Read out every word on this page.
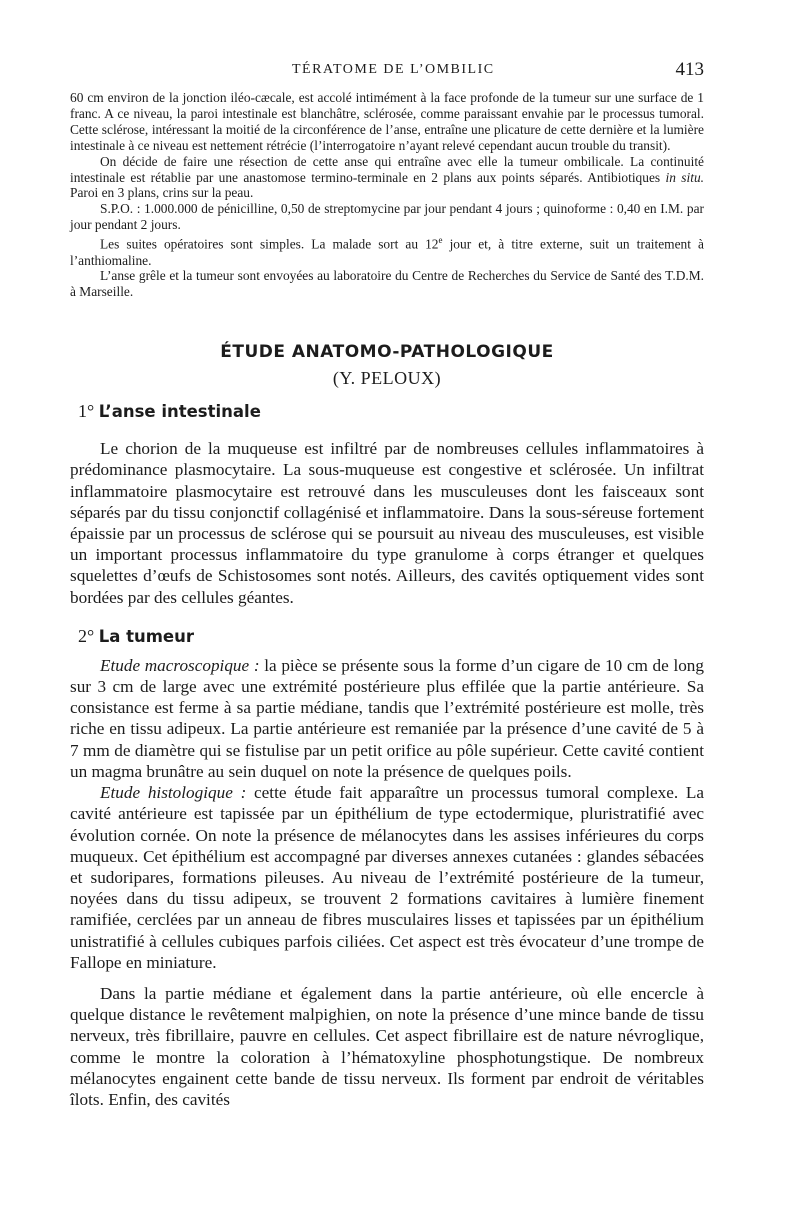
TÉRATOME DE L’OMBILIC	413

60 cm environ de la jonction iléo-cæcale, est accolé intimément à la face profonde de la tumeur sur une surface de 1 franc. A ce niveau, la paroi intestinale est blanchâtre, sclérosée, comme paraissant envahie par le processus tumoral. Cette sclérose, intéressant la moitié de la circonférence de l’anse, entraîne une plicature de cette dernière et la lumière intestinale à ce niveau est nettement rétrécie (l’interrogatoire n’ayant relevé cependant aucun trouble du transit).

On décide de faire une résection de cette anse qui entraîne avec elle la tumeur ombilicale. La continuité intestinale est rétablie par une anastomose termino-terminale en 2 plans aux points séparés. Antibiotiques in situ. Paroi en 3 plans, crins sur la peau.

S.P.O. : 1.000.000 de pénicilline, 0,50 de streptomycine par jour pendant 4 jours ; quinoforme : 0,40 en I.M. par jour pendant 2 jours.

Les suites opératoires sont simples. La malade sort au 12e jour et, à titre externe, suit un traitement à l’anthiomaline.

L’anse grêle et la tumeur sont envoyées au laboratoire du Centre de Recherches du Service de Santé des T.D.M. à Marseille.

ÉTUDE ANATOMO-PATHOLOGIQUE
(Y. PELOUX)
1° L’anse intestinale

Le chorion de la muqueuse est infiltré par de nombreuses cellules inflammatoires à prédominance plasmocytaire. La sous-muqueuse est congestive et sclérosée. Un infiltrat inflammatoire plasmocytaire est retrouvé dans les musculeuses dont les faisceaux sont séparés par du tissu conjonctif collagénisé et inflammatoire. Dans la sous-séreuse fortement épaissie par un processus de sclérose qui se poursuit au niveau des musculeuses, est visible un important processus inflammatoire du type granulome à corps étranger et quelques squelettes d’œufs de Schistosomes sont notés. Ailleurs, des cavités optiquement vides sont bordées par des cellules géantes.

2° La tumeur

Etude macroscopique : la pièce se présente sous la forme d’un cigare de 10 cm de long sur 3 cm de large avec une extrémité postérieure plus effilée que la partie antérieure. Sa consistance est ferme à sa partie médiane, tandis que l’extrémité postérieure est molle, très riche en tissu adipeux. La partie antérieure est remaniée par la présence d’une cavité de 5 à 7 mm de diamètre qui se fistulise par un petit orifice au pôle supérieur. Cette cavité contient un magma brunâtre au sein duquel on note la présence de quelques poils.

Etude histologique : cette étude fait apparaître un processus tumoral complexe. La cavité antérieure est tapissée par un épithélium de type ectodermique, pluristratifié avec évolution cornée. On note la présence de mélanocytes dans les assises inférieures du corps muqueux. Cet épithélium est accompagné par diverses annexes cutanées : glandes sébacées et sudoripares, formations pileuses. Au niveau de l’extrémité postérieure de la tumeur, noyées dans du tissu adipeux, se trouvent 2 formations cavitaires à lumière finement ramifiée, cerclées par un anneau de fibres musculaires lisses et tapissées par un épithélium unistratifié à cellules cubiques parfois ciliées. Cet aspect est très évocateur d’une trompe de Fallope en miniature.

Dans la partie médiane et également dans la partie antérieure, où elle encercle à quelque distance le revêtement malpighien, on note la présence d’une mince bande de tissu nerveux, très fibrillaire, pauvre en cellules. Cet aspect fibrillaire est de nature névroglique, comme le montre la coloration à l’hématoxyline phosphotungstique. De nombreux mélanocytes engainent cette bande de tissu nerveux. Ils forment par endroit de véritables îlots. Enfin, des cavités
